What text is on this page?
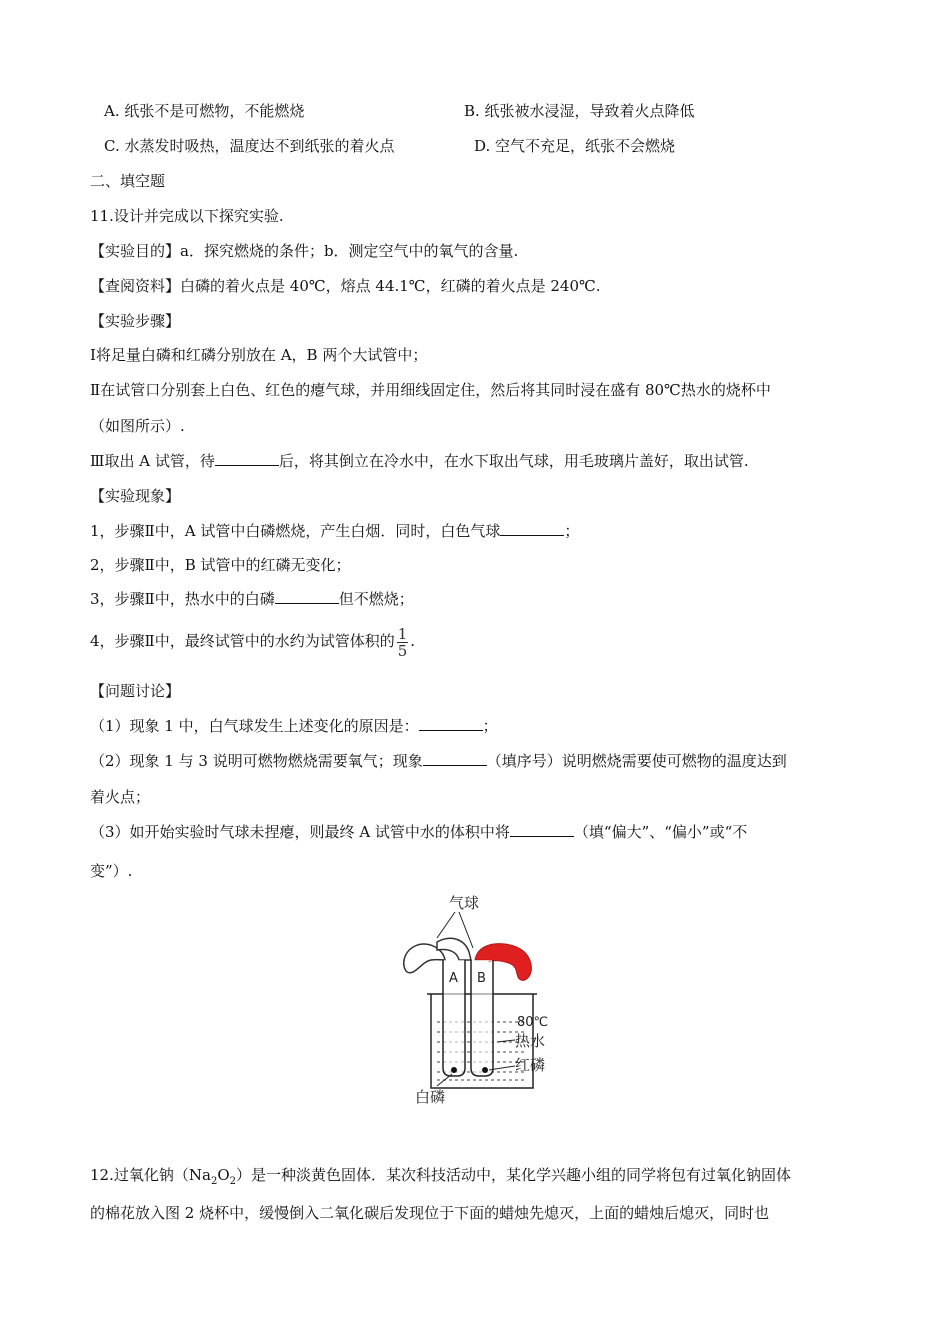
A. 纸张不是可燃物，不能燃烧	B. 纸张被水浸湿，导致着火点降低
C. 水蒸发时吸热，温度达不到纸张的着火点	D. 空气不充足，纸张不会燃烧
二、填空题
11.设计并完成以下探究实验.
【实验目的】a．探究燃烧的条件；b．测定空气中的氧气的含量.
【查阅资料】白磷的着火点是 40℃，熔点 44.1℃，红磷的着火点是 240℃.
【实验步骤】
Ⅰ将足量白磷和红磷分别放在 A，B 两个大试管中；
Ⅱ在试管口分别套上白色、红色的瘪气球，并用细线固定住，然后将其同时浸在盛有 80℃热水的烧杯中
（如图所示）.
Ⅲ取出 A 试管，待	后，将其倒立在冷水中，在水下取出气球，用毛玻璃片盖好，取出试管.
【实验现象】
1，步骤Ⅱ中，A 试管中白磷燃烧，产生白烟．同时，白色气球	；
2，步骤Ⅱ中，B 试管中的红磷无变化；
3，步骤Ⅱ中，热水中的白磷	但不燃烧；
4，步骤Ⅱ中，最终试管中的水约为试管体积的 $\frac{1}{5}$ .
【问题讨论】
（1）现象 1 中，白气球发生上述变化的原因是：	；
（2）现象 1 与 3 说明可燃物燃烧需要氧气；现象	（填序号）说明燃烧需要使可燃物的温度达到
着火点；
（3）如开始实验时气球未捏瘪，则最终 A 试管中水的体积中将	（填“偏大”、“偏小”或“不
变”）.
气球
A B
80℃
热水
红磷
白磷
12.过氧化钠$(Na_2O_2)$是一种淡黄色固体．某次科技活动中，某化学兴趣小组的同学将包有过氧化钠固体
的棉花放入图 2 烧杯中，缓慢倒入二氧化碳后发现位于下面的蜡烛先熄灭，上面的蜡烛后熄灭，同时也
